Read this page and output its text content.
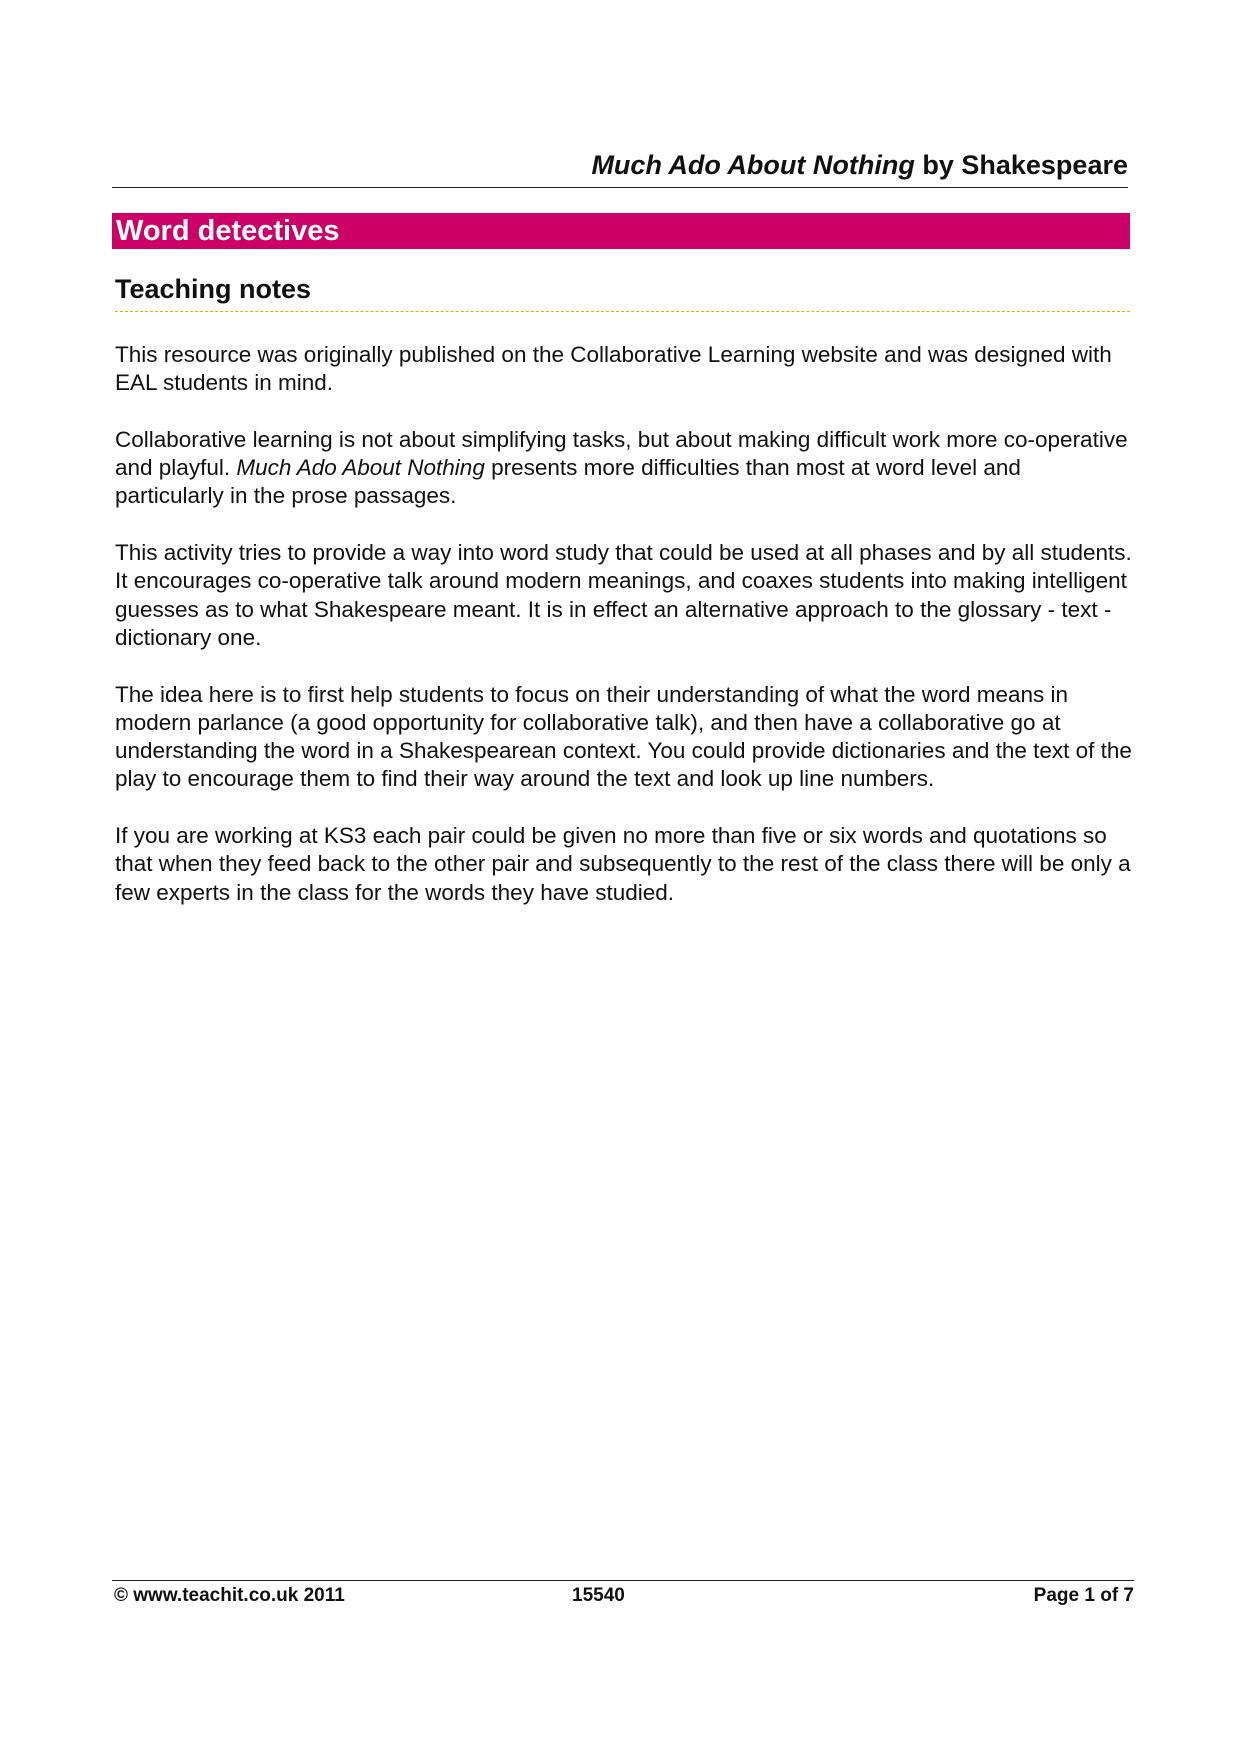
Much Ado About Nothing by Shakespeare
Word detectives
Teaching notes

This resource was originally published on the Collaborative Learning website and was designed with EAL students in mind.

Collaborative learning is not about simplifying tasks, but about making difficult work more co-operative and playful. Much Ado About Nothing presents more difficulties than most at word level and particularly in the prose passages.

This activity tries to provide a way into word study that could be used at all phases and by all students. It encourages co-operative talk around modern meanings, and coaxes students into making intelligent guesses as to what Shakespeare meant. It is in effect an alternative approach to the glossary - text - dictionary one.

The idea here is to first help students to focus on their understanding of what the word means in modern parlance (a good opportunity for collaborative talk), and then have a collaborative go at understanding the word in a Shakespearean context. You could provide dictionaries and the text of the play to encourage them to find their way around the text and look up line numbers.

If you are working at KS3 each pair could be given no more than five or six words and quotations so that when they feed back to the other pair and subsequently to the rest of the class there will be only a few experts in the class for the words they have studied.

© www.teachit.co.uk 2011	15540	Page 1 of 7
